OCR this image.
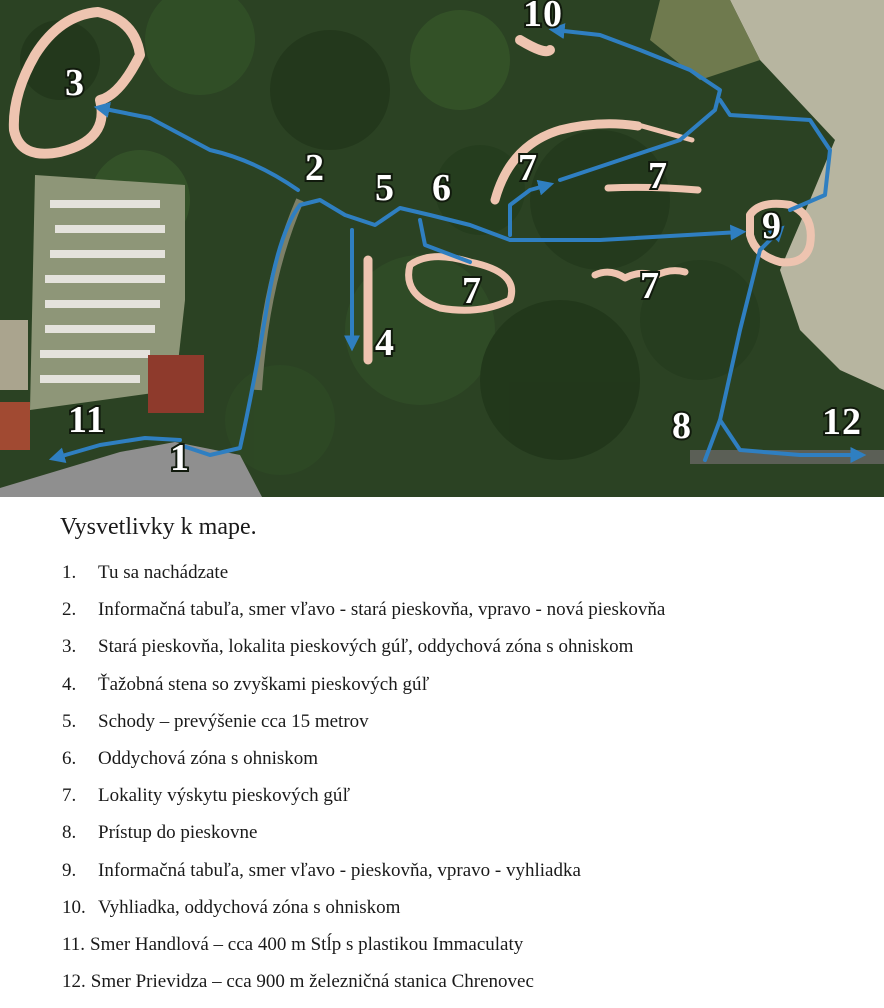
1
2
3
4
5 6 7	7
7	7
8
9
10
11	12
Vysvetlivky k mape.
1.	Tu sa nachádzate
2.	Informačná tabuľa, smer vľavo - stará pieskovňa, vpravo - nová pieskovňa
3.	Stará pieskovňa, lokalita pieskových gúľ, oddychová zóna s ohniskom
4.	Ťažobná stena so zvyškami pieskových gúľ
5.	Schody – prevýšenie cca 15 metrov
6.	Oddychová zóna s ohniskom
7.	Lokality výskytu pieskových gúľ
8.	Prístup do pieskovne
9.	Informačná tabuľa, smer vľavo - pieskovňa, vpravo - vyhliadka
10. Vyhliadka, oddychová zóna s ohniskom
11. Smer Handlová – cca 400 m Stĺp s plastikou Immaculaty
12. Smer Prievidza – cca 900 m železničná stanica Chrenovec
